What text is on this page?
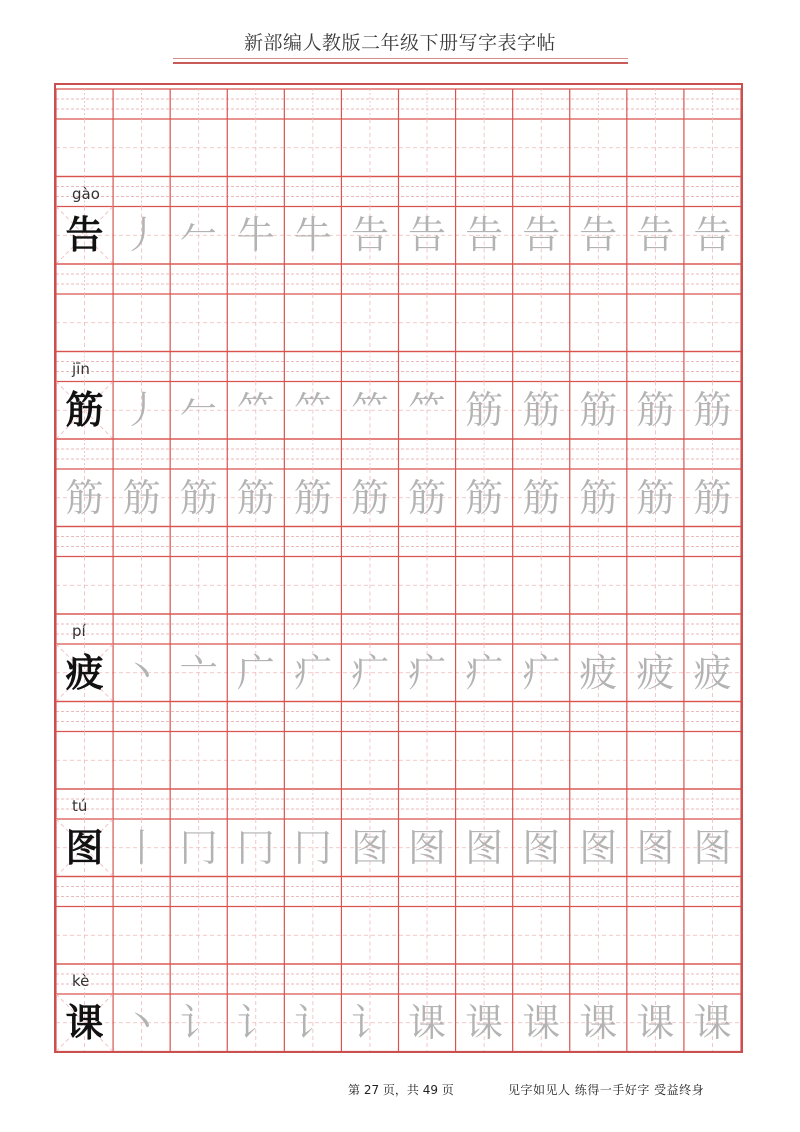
新部编人教版二年级下册写字表字帖
gào
告 丿 𠂉 牛 牛 告 告 告 告 告 告 告
jīn
筋 丿 𠂉 ⺮ ⺮ ⺮ ⺮ 筋 筋 筋 筋 筋
筋 筋 筋 筋 筋 筋 筋 筋 筋 筋 筋 筋
pí
疲 丶 亠 广 疒 疒 疒 疒 疒 疲 疲 疲
tú
图 丨 冂 冂 冂 图 图 图 图 图 图 图
kè
课 丶 讠 讠 讠 讠 课 课 课 课 课 课
第 27 页，共 49 页	见字如见人 练得一手好字 受益终身
